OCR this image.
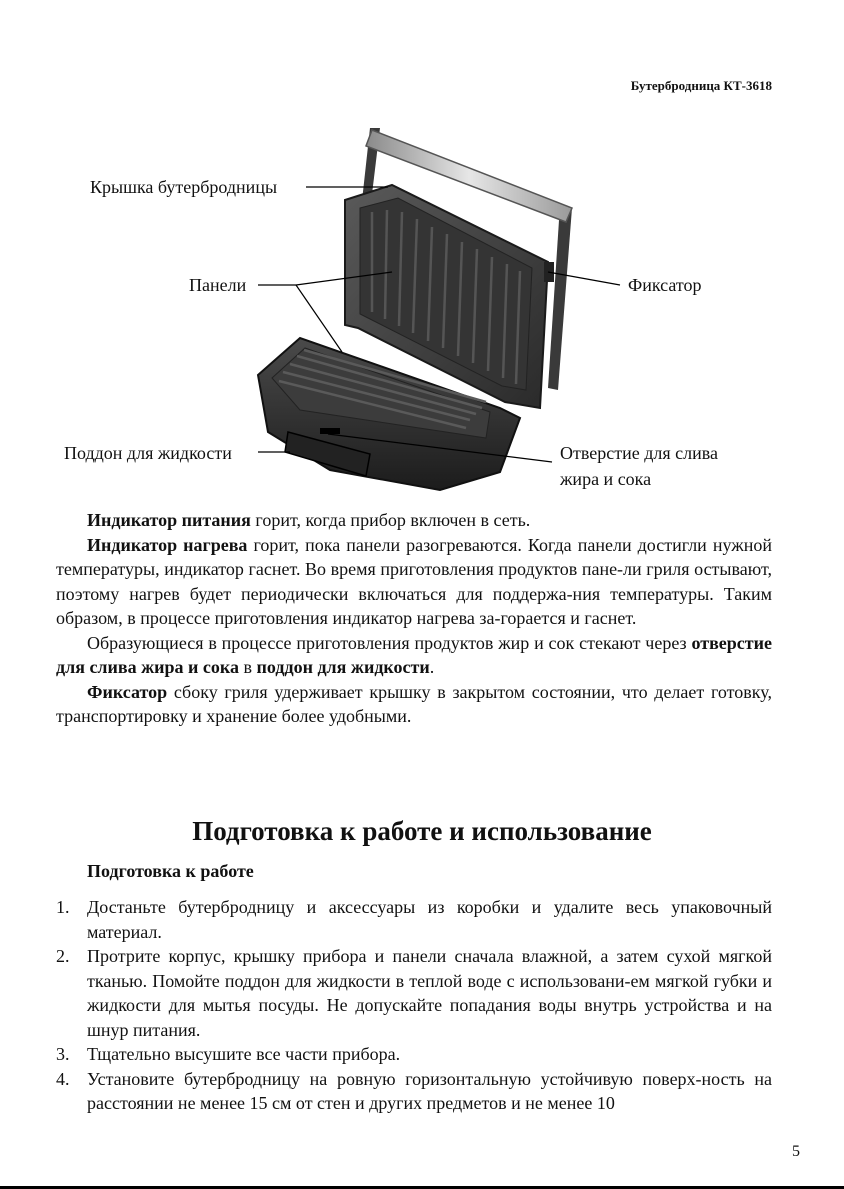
Бутербродница КТ-3618
Крышка бутербродницы
Панели	Фиксатор
Поддон для жидкости	Отверстие для слива
жира и сока

Индикатор питания горит, когда прибор включен в сеть.

Индикатор нагрева горит, пока панели разогреваются. Когда панели достигли нужной температуры, индикатор гаснет. Во время приготовления продуктов пане-ли гриля остывают, поэтому нагрев будет периодически включаться для поддержа-ния температуры. Таким образом, в процессе приготовления индикатор нагрева за-горается и гаснет.

Образующиеся в процессе приготовления продуктов жир и сок стекают через отверстие для слива жира и сока в поддон для жидкости.

Фиксатор сбоку гриля удерживает крышку в закрытом состоянии, что делает готовку, транспортировку и хранение более удобными.

Подготовка к работе и использование
Подготовка к работе
1. Достаньте бутербродницу и аксессуары из коробки и удалите весь упаковочный материал.
2. Протрите корпус, крышку прибора и панели сначала влажной, а затем сухой мягкой тканью. Помойте поддон для жидкости в теплой воде с использовани-ем мягкой губки и жидкости для мытья посуды. Не допускайте попадания воды внутрь устройства и на шнур питания.
3. Тщательно высушите все части прибора.
4. Установите бутербродницу на ровную горизонтальную устойчивую поверх-ность на расстоянии не менее 15 см от стен и других предметов и не менее 10
5
